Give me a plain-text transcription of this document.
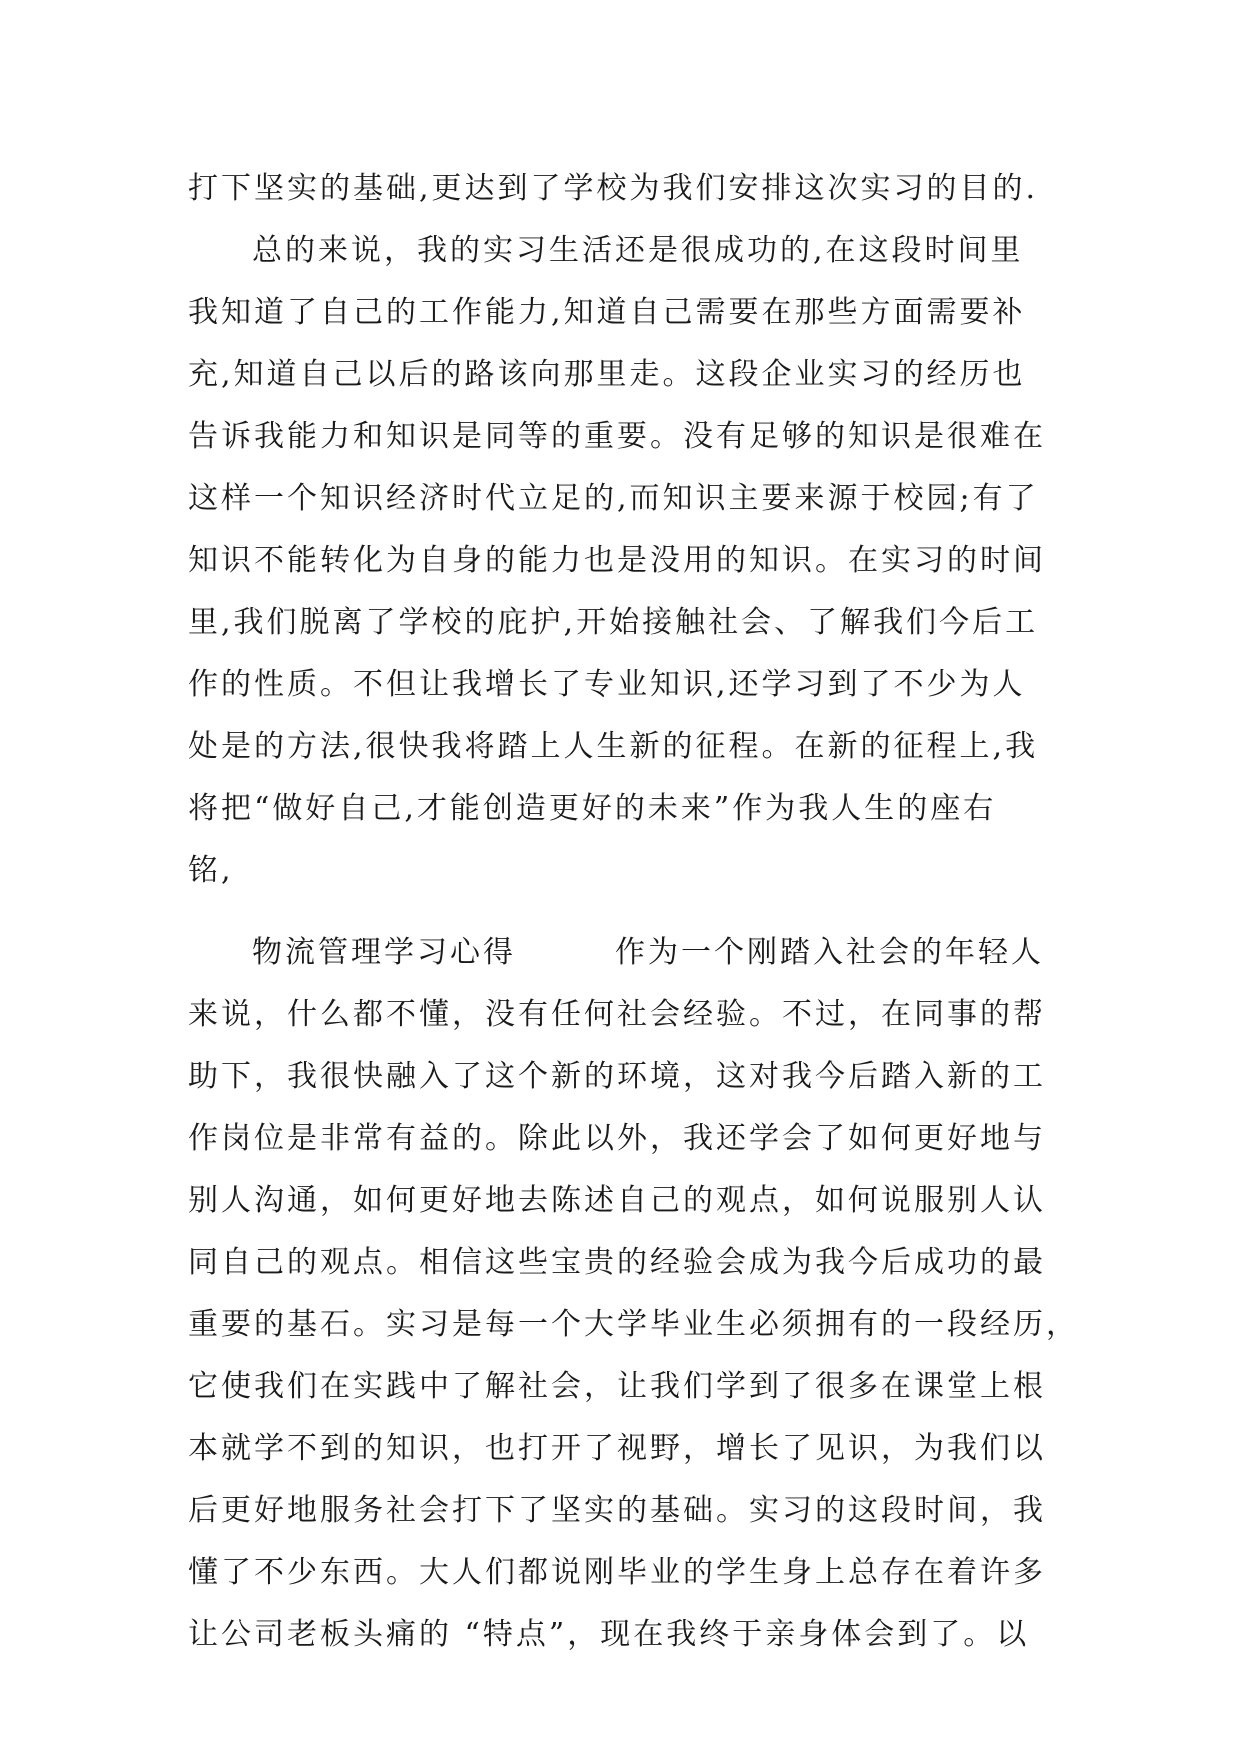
打下坚实的基础,更达到了学校为我们安排这次实习的目的.
总的来说，我的实习生活还是很成功的,在这段时间里
我知道了自己的工作能力,知道自己需要在那些方面需要补
充,知道自己以后的路该向那里走。这段企业实习的经历也
告诉我能力和知识是同等的重要。没有足够的知识是很难在
这样一个知识经济时代立足的,而知识主要来源于校园;有了
知识不能转化为自身的能力也是没用的知识。在实习的时间
里,我们脱离了学校的庇护,开始接触社会、了解我们今后工
作的性质。不但让我增长了专业知识,还学习到了不少为人
处是的方法,很快我将踏上人生新的征程。在新的征程上,我
将把“做好自己,才能创造更好的未来”作为我人生的座右
铭,
物流管理学习心得　　　作为一个刚踏入社会的年轻人
来说，什么都不懂，没有任何社会经验。不过，在同事的帮
助下，我很快融入了这个新的环境，这对我今后踏入新的工
作岗位是非常有益的。除此以外，我还学会了如何更好地与
别人沟通，如何更好地去陈述自己的观点，如何说服别人认
同自己的观点。相信这些宝贵的经验会成为我今后成功的最
重要的基石。实习是每一个大学毕业生必须拥有的一段经历，
它使我们在实践中了解社会，让我们学到了很多在课堂上根
本就学不到的知识，也打开了视野，增长了见识，为我们以
后更好地服务社会打下了坚实的基础。实习的这段时间，我
懂了不少东西。大人们都说刚毕业的学生身上总存在着许多
让公司老板头痛的 “特点”，现在我终于亲身体会到了。以
